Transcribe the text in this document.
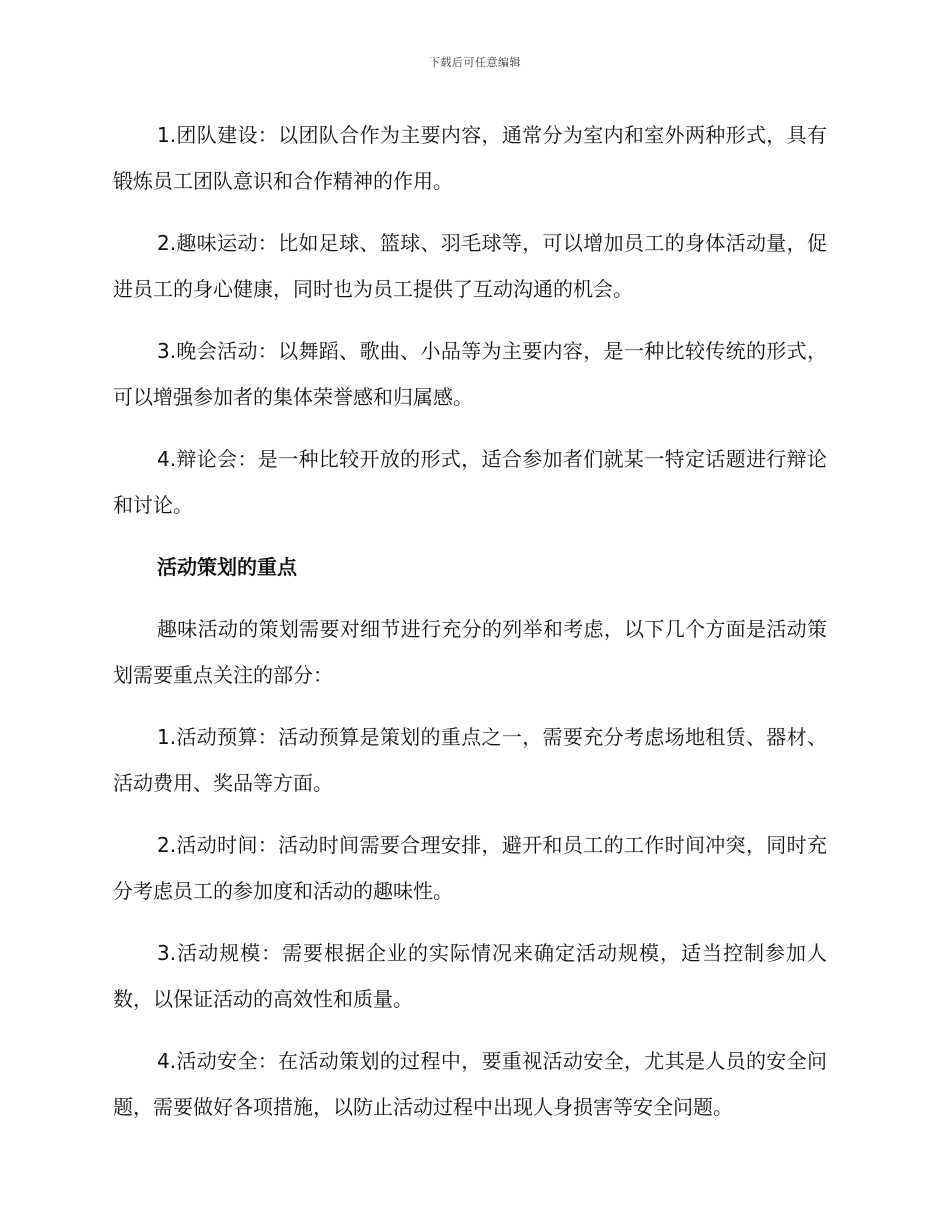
下载后可任意编辑

1.团队建设：以团队合作为主要内容，通常分为室内和室外两种形式，具有锻炼员工团队意识和合作精神的作用。

2.趣味运动：比如足球、篮球、羽毛球等，可以增加员工的身体活动量，促进员工的身心健康，同时也为员工提供了互动沟通的机会。

3.晚会活动：以舞蹈、歌曲、小品等为主要内容，是一种比较传统的形式，可以增强参加者的集体荣誉感和归属感。

4.辩论会：是一种比较开放的形式，适合参加者们就某一特定话题进行辩论和讨论。

活动策划的重点

趣味活动的策划需要对细节进行充分的列举和考虑，以下几个方面是活动策划需要重点关注的部分：

1.活动预算：活动预算是策划的重点之一，需要充分考虑场地租赁、器材、活动费用、奖品等方面。

2.活动时间：活动时间需要合理安排，避开和员工的工作时间冲突，同时充分考虑员工的参加度和活动的趣味性。

3.活动规模：需要根据企业的实际情况来确定活动规模，适当控制参加人数，以保证活动的高效性和质量。

4.活动安全：在活动策划的过程中，要重视活动安全，尤其是人员的安全问题，需要做好各项措施，以防止活动过程中出现人身损害等安全问题。
